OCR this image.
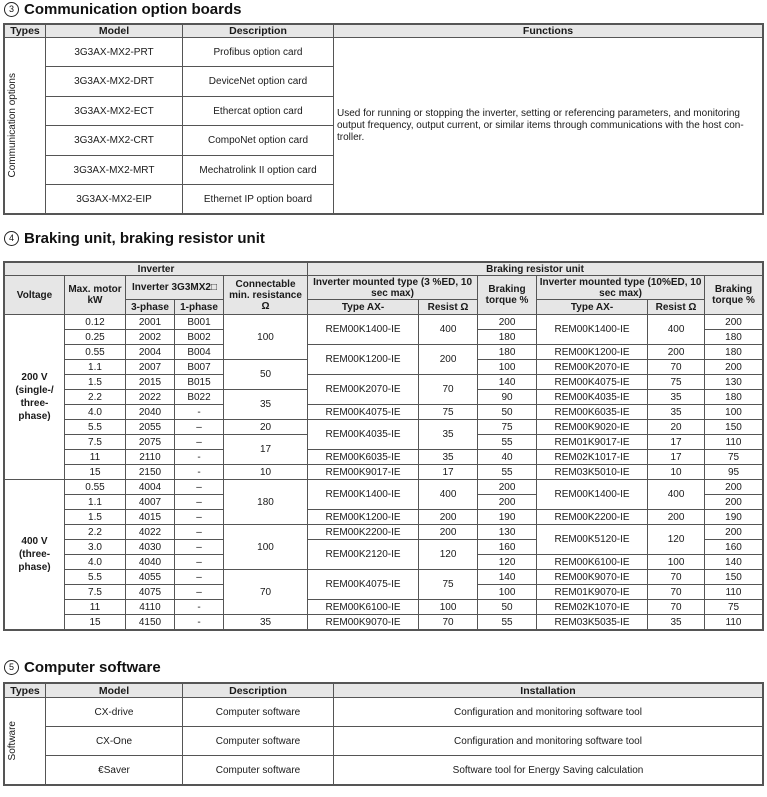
3 Communication option boards
Types	Model	Description	Functions

Communication options	3G3AX-MX2-PRT	Profibus option card	Used for running or stopping the inverter, setting or referencing parameters, and monitoring output frequency, output current, or similar items through communications with the host con-troller.
	3G3AX-MX2-DRT	DeviceNet option card	
	3G3AX-MX2-ECT	Ethercat option card	
	3G3AX-MX2-CRT	CompoNet option card	
	3G3AX-MX2-MRT	Mechatrolink II option card	
	3G3AX-MX2-EIP	Ethernet IP option board	
4 Braking unit, braking resistor unit
Inverter					Braking resistor unit					
Voltage	Max. motor kW	Inverter 3G3MX2□		Connectable min. resistance Ω	Inverter mounted type (3 %ED, 10 sec max)		Braking torque %	Inverter mounted type (10%ED, 10 sec max)		Braking torque %
		3-phase	1-phase		Type AX-	Resist Ω		Type AX-	Resist Ω	
200 V (single-/ three- phase)	0.12	2001	B001	100	REM00K1400-IE	400	200	REM00K1400-IE	400	200
	0.25	2002	B002				180			180
	0.55	2004	B004		REM00K1200-IE	200	180	REM00K1200-IE	200	180
	1.1	2007	B007	50			100	REM00K2070-IE	70	200
	1.5	2015	B015		REM00K2070-IE	70	140	REM00K4075-IE	75	130
	2.2	2022	B022	35			90	REM00K4035-IE	35	180
	4.0	2040	-		REM00K4075-IE	75	50	REM00K6035-IE	35	100
	5.5	2055	–	20	REM00K4035-IE	35	75	REM00K9020-IE	20	150
	7.5	2075	–	17			55	REM01K9017-IE	17	110
	11	2110	-		REM00K6035-IE	35	40	REM02K1017-IE	17	75
	15	2150	-	10	REM00K9017-IE	17	55	REM03K5010-IE	10	95
400 V (three- phase)	0.55	4004	–	180	REM00K1400-IE	400	200	REM00K1400-IE	400	200
	1.1	4007	–				200			200
	1.5	4015	–		REM00K1200-IE	200	190	REM00K2200-IE	200	190
	2.2	4022	–	100	REM00K2200-IE	200	130	REM00K5120-IE	120	200
	3.0	4030	–		REM00K2120-IE	120	160			160
	4.0	4040	–				120	REM00K6100-IE	100	140
	5.5	4055	–	70	REM00K4075-IE	75	140	REM00K9070-IE	70	150
	7.5	4075	–				100	REM01K9070-IE	70	110
	11	4110	-		REM00K6100-IE	100	50	REM02K1070-IE	70	75
	15	4150	-	35	REM00K9070-IE	70	55	REM03K5035-IE	35	110
5 Computer software
Types	Model	Description	Installation

Software	CX-drive	Computer software	Configuration and monitoring software tool
	CX-One	Computer software	Configuration and monitoring software tool
	€Saver	Computer software	Software tool for Energy Saving calculation
